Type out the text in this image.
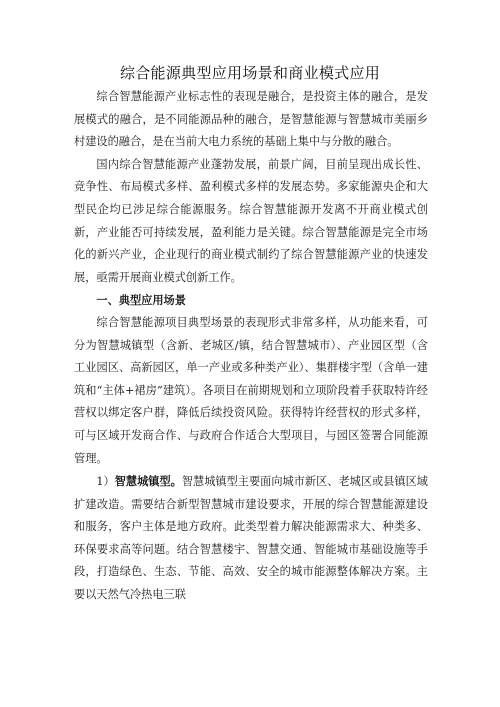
综合能源典型应用场景和商业模式应用

综合智慧能源产业标志性的表现是融合，是投资主体的融合，是发展模式的融合，是不同能源品种的融合，是智慧能源与智慧城市美丽乡村建设的融合，是在当前大电力系统的基础上集中与分散的融合。

国内综合智慧能源产业蓬勃发展，前景广阔，目前呈现出成长性、竞争性、布局模式多样、盈利模式多样的发展态势。多家能源央企和大型民企均已涉足综合能源服务。综合智慧能源开发离不开商业模式创新，产业能否可持续发展，盈利能力是关键。综合智慧能源是完全市场化的新兴产业，企业现行的商业模式制约了综合智慧能源产业的快速发展，亟需开展商业模式创新工作。

一、典型应用场景

综合智慧能源项目典型场景的表现形式非常多样，从功能来看，可分为智慧城镇型（含新、老城区/镇，结合智慧城市）、产业园区型（含工业园区、高新园区，单一产业或多种类产业）、集群楼宇型（含单一建筑和“主体+裙房”建筑）。各项目在前期规划和立项阶段着手获取特许经营权以绑定客户群，降低后续投资风险。获得特许经营权的形式多样，可与区域开发商合作、与政府合作适合大型项目，与园区签署合同能源管理。

1）智慧城镇型。智慧城镇型主要面向城市新区、老城区或县镇区域扩建改造。需要结合新型智慧城市建设要求，开展的综合智慧能源建设和服务，客户主体是地方政府。此类型着力解决能源需求大、种类多、环保要求高等问题。结合智慧楼宇、智慧交通、智能城市基础设施等手段，打造绿色、生态、节能、高效、安全的城市能源整体解决方案。主要以天然气冷热电三联
